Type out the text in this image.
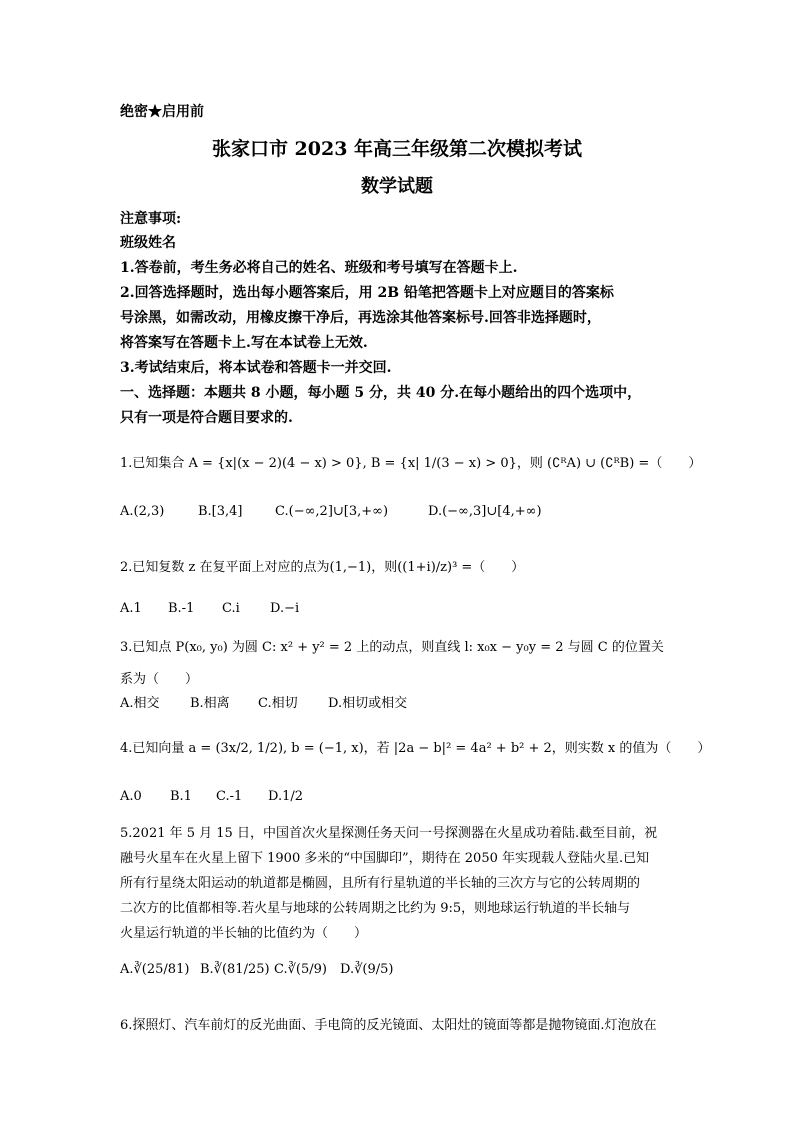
绝密★启用前
张家口市 2023 年高三年级第二次模拟考试
数学试题
注意事项:
班级姓名
1.答卷前，考生务必将自己的姓名、班级和考号填写在答题卡上.
2.回答选择题时，选出每小题答案后，用 2B 铅笔把答题卡上对应题目的答案标
号涂黑，如需改动，用橡皮擦干净后，再选涂其他答案标号.回答非选择题时，
将答案写在答题卡上.写在本试卷上无效.
3.考试结束后，将本试卷和答题卡一并交回.
一、选择题：本题共 8 小题，每小题 5 分，共 40 分.在每小题给出的四个选项中，
只有一项是符合题目要求的.
1.已知集合 A = {x|(x − 2)(4 − x) > 0}, B = {x| 1/(3 − x) > 0}，则 (∁ᴿA) ∪ (∁ᴿB) =（　　）
A.(2,3)	B.[3,4] C.(−∞,2]∪[3,+∞)	D.(−∞,3]∪[4,+∞)
2.已知复数 z 在复平面上对应的点为(1,−1)，则((1+i)/z)³ =（　　）
A.1 B.-1 C.i D.−i
3.已知点 P(x₀, y₀) 为圆 C: x² + y² = 2 上的动点，则直线 l: x₀x − y₀y = 2 与圆 C 的位置关
系为（　　）
A.相交 B.相离 C.相切 D.相切或相交
4.已知向量 a = (3x/2, 1/2), b = (−1, x)，若 |2a − b|² = 4a² + b² + 2，则实数 x 的值为（　　）
A.0 B.1 C.-1 D.1/2
5.2021 年 5 月 15 日，中国首次火星探测任务天问一号探测器在火星成功着陆.截至目前，祝
融号火星车在火星上留下 1900 多米的“中国脚印”，期待在 2050 年实现载人登陆火星.已知
所有行星绕太阳运动的轨道都是椭圆，且所有行星轨道的半长轴的三次方与它的公转周期的
二次方的比值都相等.若火星与地球的公转周期之比约为 9:5，则地球运行轨道的半长轴与
火星运行轨道的半长轴的比值约为（　　）
A.∛(25/81) B.∛(81/25) C.∛(5/9) D.∛(9/5)
6.探照灯、汽车前灯的反光曲面、手电筒的反光镜面、太阳灶的镜面等都是抛物镜面.灯泡放在
